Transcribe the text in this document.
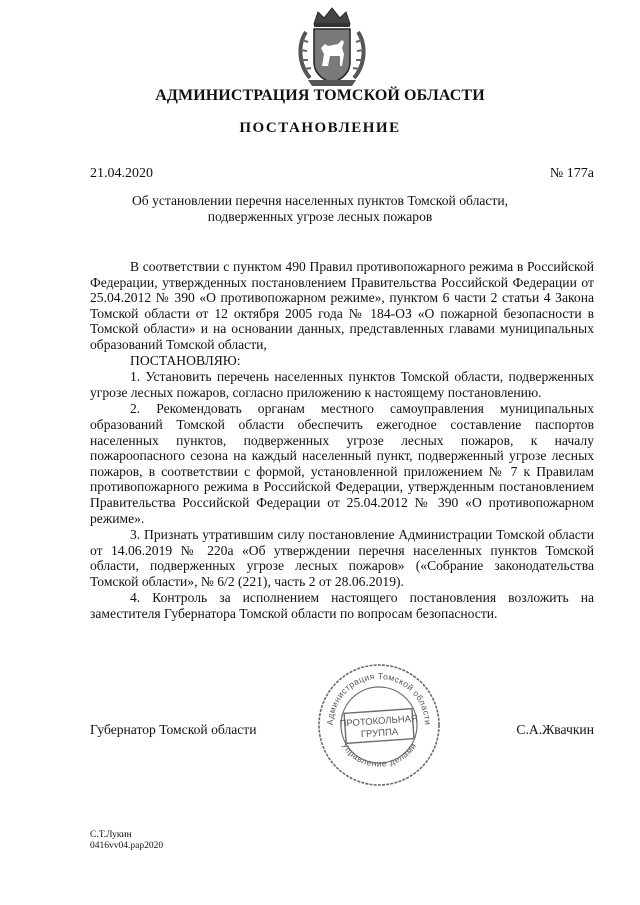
АДМИНИСТРАЦИЯ ТОМСКОЙ ОБЛАСТИ
ПОСТАНОВЛЕНИЕ
21.04.2020	№ 177а
Об установлении перечня населенных пунктов Томской области,
подверженных угрозе лесных пожаров

В соответствии с пунктом 490 Правил противопожарного режима в Российской Федерации, утвержденных постановлением Правительства Российской Федерации от 25.04.2012 № 390 «О противопожарном режиме», пунктом 6 части 2 статьи 4 Закона Томской области от 12 октября 2005 года № 184-ОЗ «О пожарной безопасности в Томской области» и на основании данных, представленных главами муниципальных образований Томской области,

ПОСТАНОВЛЯЮ:

1. Установить перечень населенных пунктов Томской области, подверженных угрозе лесных пожаров, согласно приложению к настоящему постановлению.

2. Рекомендовать органам местного самоуправления муниципальных образований Томской области обеспечить ежегодное составление паспортов населенных пунктов, подверженных угрозе лесных пожаров, к началу пожароопасного сезона на каждый населенный пункт, подверженный угрозе лесных пожаров, в соответствии с формой, установленной приложением № 7 к Правилам противопожарного режима в Российской Федерации, утвержденным постановлением Правительства Российской Федерации от 25.04.2012 № 390 «О противопожарном режиме».

3. Признать утратившим силу постановление Администрации Томской области от 14.06.2019 № 220а «Об утверждении перечня населенных пунктов Томской области, подверженных угрозе лесных пожаров» («Собрание законодательства Томской области», № 6/2 (221), часть 2 от 28.06.2019).

4. Контроль за исполнением настоящего постановления возложить на заместителя Губернатора Томской области по вопросам безопасности.

Губернатор Томской области	С.А.Жвачкин
Администрация Томской области
Управление делами
ПРОТОКОЛЬНАЯ
ГРУППА
С.Т.Лукин
0416vv04.pap2020
